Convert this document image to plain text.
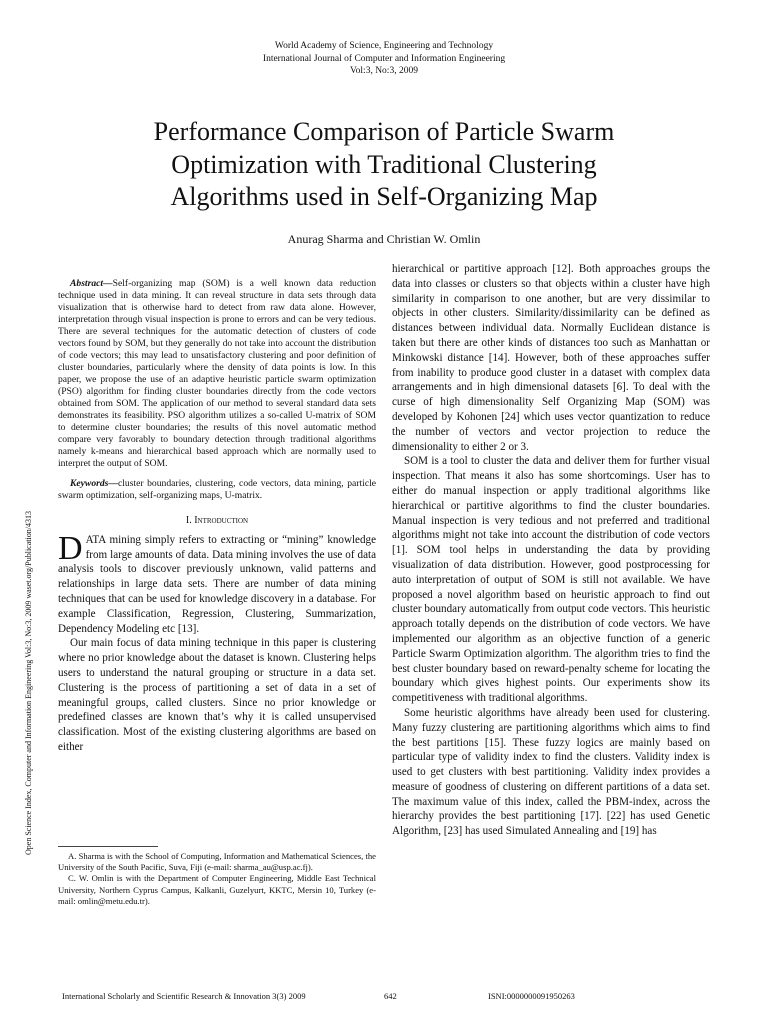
World Academy of Science, Engineering and Technology
International Journal of Computer and Information Engineering
Vol:3, No:3, 2009
Performance Comparison of Particle Swarm
Optimization with Traditional Clustering
Algorithms used in Self-Organizing Map
Anurag Sharma and Christian W. Omlin
Open Science Index, Computer and Information Engineering Vol:3, No:3, 2009 waset.org/Publication/4313

Abstract—Self-organizing map (SOM) is a well known data reduction technique used in data mining. It can reveal structure in data sets through data visualization that is otherwise hard to detect from raw data alone. However, interpretation through visual inspection is prone to errors and can be very tedious. There are several techniques for the automatic detection of clusters of code vectors found by SOM, but they generally do not take into account the distribution of code vectors; this may lead to unsatisfactory clustering and poor definition of cluster boundaries, particularly where the density of data points is low. In this paper, we propose the use of an adaptive heuristic particle swarm optimization (PSO) algorithm for finding cluster boundaries directly from the code vectors obtained from SOM. The application of our method to several standard data sets demonstrates its feasibility. PSO algorithm utilizes a so-called U-matrix of SOM to determine cluster boundaries; the results of this novel automatic method compare very favorably to boundary detection through traditional algorithms namely k-means and hierarchical based approach which are normally used to interpret the output of SOM.

Keywords—cluster boundaries, clustering, code vectors, data mining, particle swarm optimization, self-organizing maps, U-matrix.

I. Introduction

DATA mining simply refers to extracting or “mining” knowledge from large amounts of data. Data mining involves the use of data analysis tools to discover previously unknown, valid patterns and relationships in large data sets. There are number of data mining techniques that can be used for knowledge discovery in a database. For example Classification, Regression, Clustering, Summarization, Dependency Modeling etc [13].

Our main focus of data mining technique in this paper is clustering where no prior knowledge about the dataset is known. Clustering helps users to understand the natural grouping or structure in a data set. Clustering is the process of partitioning a set of data in a set of meaningful groups, called clusters. Since no prior knowledge or predefined classes are known that’s why it is called unsupervised classification. Most of the existing clustering algorithms are based on either

A. Sharma is with the School of Computing, Information and Mathematical Sciences, the University of the South Pacific, Suva, Fiji (e-mail: sharma_au@usp.ac.fj).

C. W. Omlin is with the Department of Computer Engineering, Middle East Technical University, Northern Cyprus Campus, Kalkanli, Guzelyurt, KKTC, Mersin 10, Turkey (e-mail: omlin@metu.edu.tr).

hierarchical or partitive approach [12]. Both approaches groups the data into classes or clusters so that objects within a cluster have high similarity in comparison to one another, but are very dissimilar to objects in other clusters. Similarity/dissimilarity can be defined as distances between individual data. Normally Euclidean distance is taken but there are other kinds of distances too such as Manhattan or Minkowski distance [14]. However, both of these approaches suffer from inability to produce good cluster in a dataset with complex data arrangements and in high dimensional datasets [6]. To deal with the curse of high dimensionality Self Organizing Map (SOM) was developed by Kohonen [24] which uses vector quantization to reduce the number of vectors and vector projection to reduce the dimensionality to either 2 or 3.

SOM is a tool to cluster the data and deliver them for further visual inspection. That means it also has some shortcomings. User has to either do manual inspection or apply traditional algorithms like hierarchical or partitive algorithms to find the cluster boundaries. Manual inspection is very tedious and not preferred and traditional algorithms might not take into account the distribution of code vectors [1]. SOM tool helps in understanding the data by providing visualization of data distribution. However, good postprocessing for auto interpretation of output of SOM is still not available. We have proposed a novel algorithm based on heuristic approach to find out cluster boundary automatically from output code vectors. This heuristic approach totally depends on the distribution of code vectors. We have implemented our algorithm as an objective function of a generic Particle Swarm Optimization algorithm. The algorithm tries to find the best cluster boundary based on reward-penalty scheme for locating the boundary which gives highest points. Our experiments show its competitiveness with traditional algorithms.

Some heuristic algorithms have already been used for clustering. Many fuzzy clustering are partitioning algorithms which aims to find the best partitions [15]. These fuzzy logics are mainly based on particular type of validity index to find the clusters. Validity index is used to get clusters with best partitioning. Validity index provides a measure of goodness of clustering on different partitions of a data set. The maximum value of this index, called the PBM-index, across the hierarchy provides the best partitioning [17]. [22] has used Genetic Algorithm, [23] has used Simulated Annealing and [19] has

International Scholarly and Scientific Research & Innovation 3(3) 2009	642	ISNI:0000000091950263
